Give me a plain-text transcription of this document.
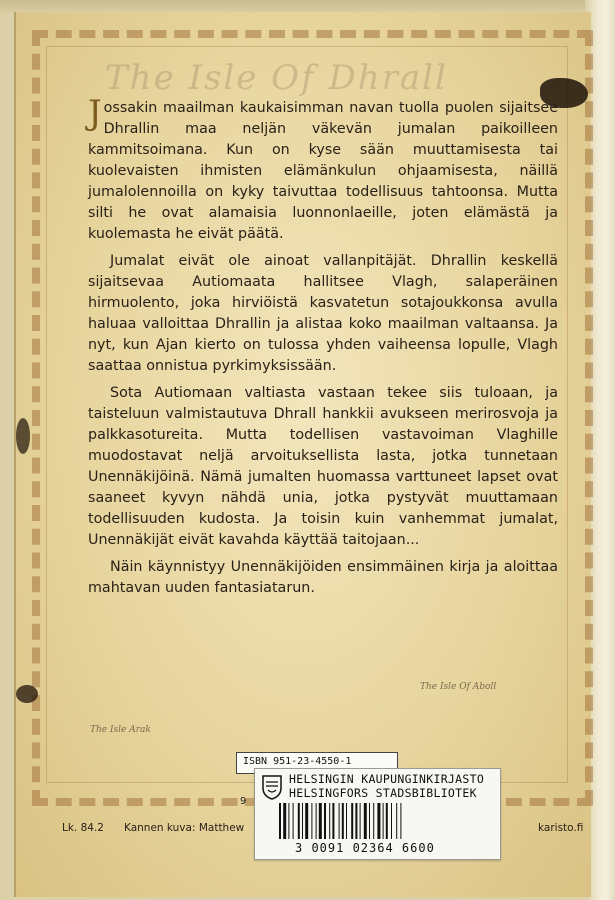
The Isle Of Dhrall

Jossakin maailman kaukaisimman navan tuolla puolen sijaitsee Dhrallin maa neljän väkevän jumalan paikoilleen kammitsoimana. Kun on kyse sään muuttamisesta tai kuolevaisten ihmisten elämänkulun ohjaamisesta, näillä jumalolennoilla on kyky taivuttaa todellisuus tahtoonsa. Mutta silti he ovat alamaisia luonnonlaeille, joten elämästä ja kuolemasta he eivät päätä.

Jumalat eivät ole ainoat vallanpitäjät. Dhrallin keskellä sijaitsevaa Autiomaata hallitsee Vlagh, salaperäinen hirmuolento, joka hirviöistä kasvatetun sotajoukkonsa avulla haluaa valloittaa Dhrallin ja alistaa koko maailman valtaansa. Ja nyt, kun Ajan kierto on tulossa yhden vaiheensa lopulle, Vlagh saattaa onnistua pyrkimyksissään.

Sota Autiomaan valtiasta vastaan tekee siis tuloaan, ja taisteluun valmistautuva Dhrall hankkii avukseen merirosvoja ja palkkasotureita. Mutta todellisen vastavoiman Vlaghille muodostavat neljä arvoituksellista lasta, jotka tunnetaan Unennäkijöinä. Nämä jumalten huomassa varttuneet lapset ovat saaneet kyvyn nähdä unia, jotka pystyvät muuttamaan todellisuuden kudosta. Ja toisin kuin vanhemmat jumalat, Unennäkijät eivät kavahda käyttää taitojaan...

Näin käynnistyy Unennäkijöiden ensimmäinen kirja ja aloittaa mahtavan uuden fantasiatarun.

The Isle Of Aboll
The Isle Arak
Lk. 84.2 Kannen kuva: Matthew	karisto.fi
ISBN 951-23-4550-1
9
HELSINGIN KAUPUNGINKIRJASTO
HELSINGFORS STADSBIBLIOTEK
3 0091 02364 6600
